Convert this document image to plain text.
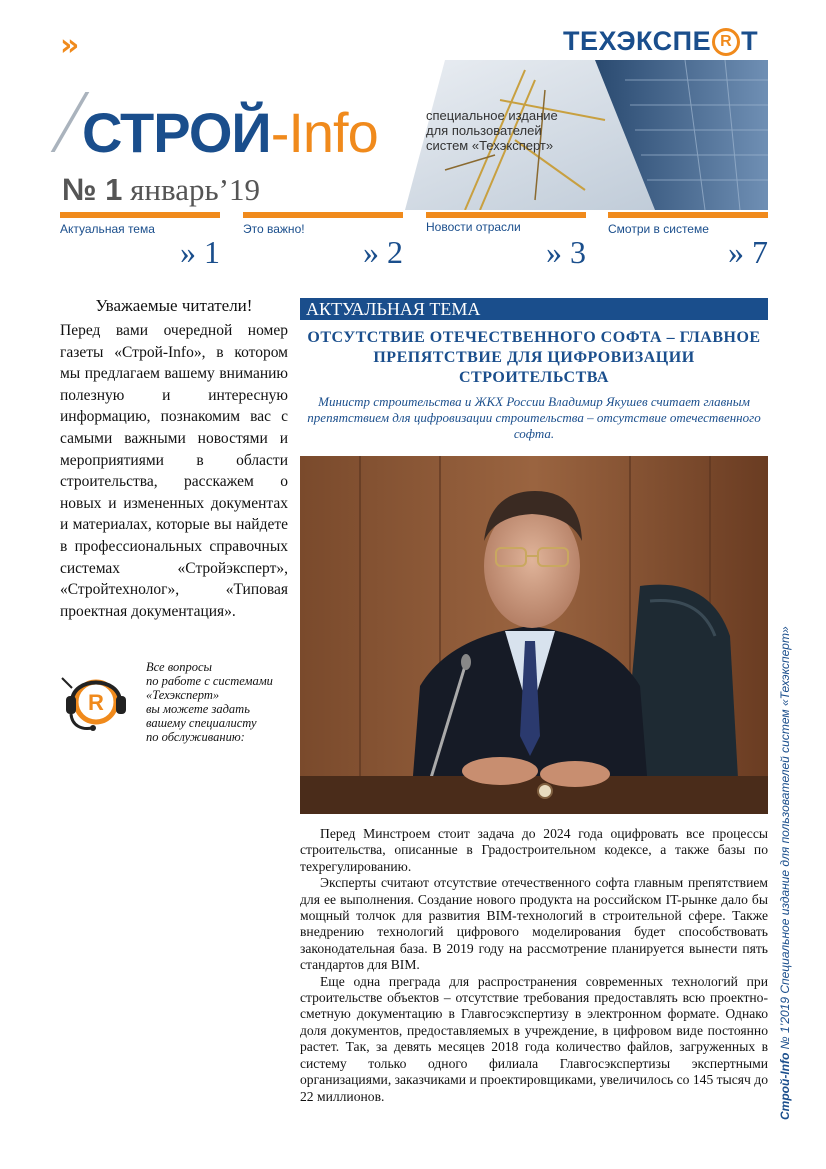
»	ТЕХЭКСПЕ R Т
СТРОЙ-Info	специальное издание
для пользователей
систем «Техэксперт»
№ 1 январь’19
Актуальная тема
» 1
Это важно!
» 2
Новости отрасли
» 3
Смотри в системе
» 7
Уважаемые читатели!
Перед вами очередной номер газеты «Строй-Info», в котором мы предлагаем вашему вниманию полезную и интересную информацию, познакомим вас с самыми важными новостями и мероприятиями в области строительства, расскажем о новых и измененных документах и материалах, которые вы найдете в профессиональных справочных системах «Стройэксперт», «Стройтехнолог», «Типовая проектная документация».
R
Все вопросы
по работе с системами
«Техэксперт»
вы можете задать
вашему специалисту
по обслуживанию:
АКТУАЛЬНАЯ ТЕМА
ОТСУТСТВИЕ ОТЕЧЕСТВЕННОГО СОФТА – ГЛАВНОЕ ПРЕПЯТСТВИЕ ДЛЯ ЦИФРОВИЗАЦИИ СТРОИТЕЛЬСТВА
Министр строительства и ЖКХ России Владимир Якушев считает главным препятствием для цифровизации строительства – отсутствие отечественного софта.

Перед Минстроем стоит задача до 2024 года оцифровать все процессы строительства, описанные в Градостроительном кодексе, а также базы по техрегулированию.

Эксперты считают отсутствие отечественного софта главным препятствием для ее выполнения. Создание нового продукта на российском IT-рынке дало бы мощный толчок для развития BIM-технологий в строительной сфере. Также внедрению технологий цифрового моделирования будет способствовать законодательная база. В 2019 году на рассмотрение планируется вынести пять стандартов для BIM.

Еще одна преграда для распространения современных технологий при строительстве объектов – отсутствие требования предоставлять всю проектно-сметную документацию в Главгосэкспертизу в электронном формате. Однако доля документов, предоставляемых в учреждение, в цифровом виде постоянно растет. Так, за девять месяцев 2018 года количество файлов, загруженных в систему только одного филиала Главгосэкспертизы экспертными организациями, заказчиками и проектировщиками, увеличилось со 145 тысяч до 22 миллионов.	Строй-Info № 1’2019 Специальное издание для пользователей систем «Техэксперт»
